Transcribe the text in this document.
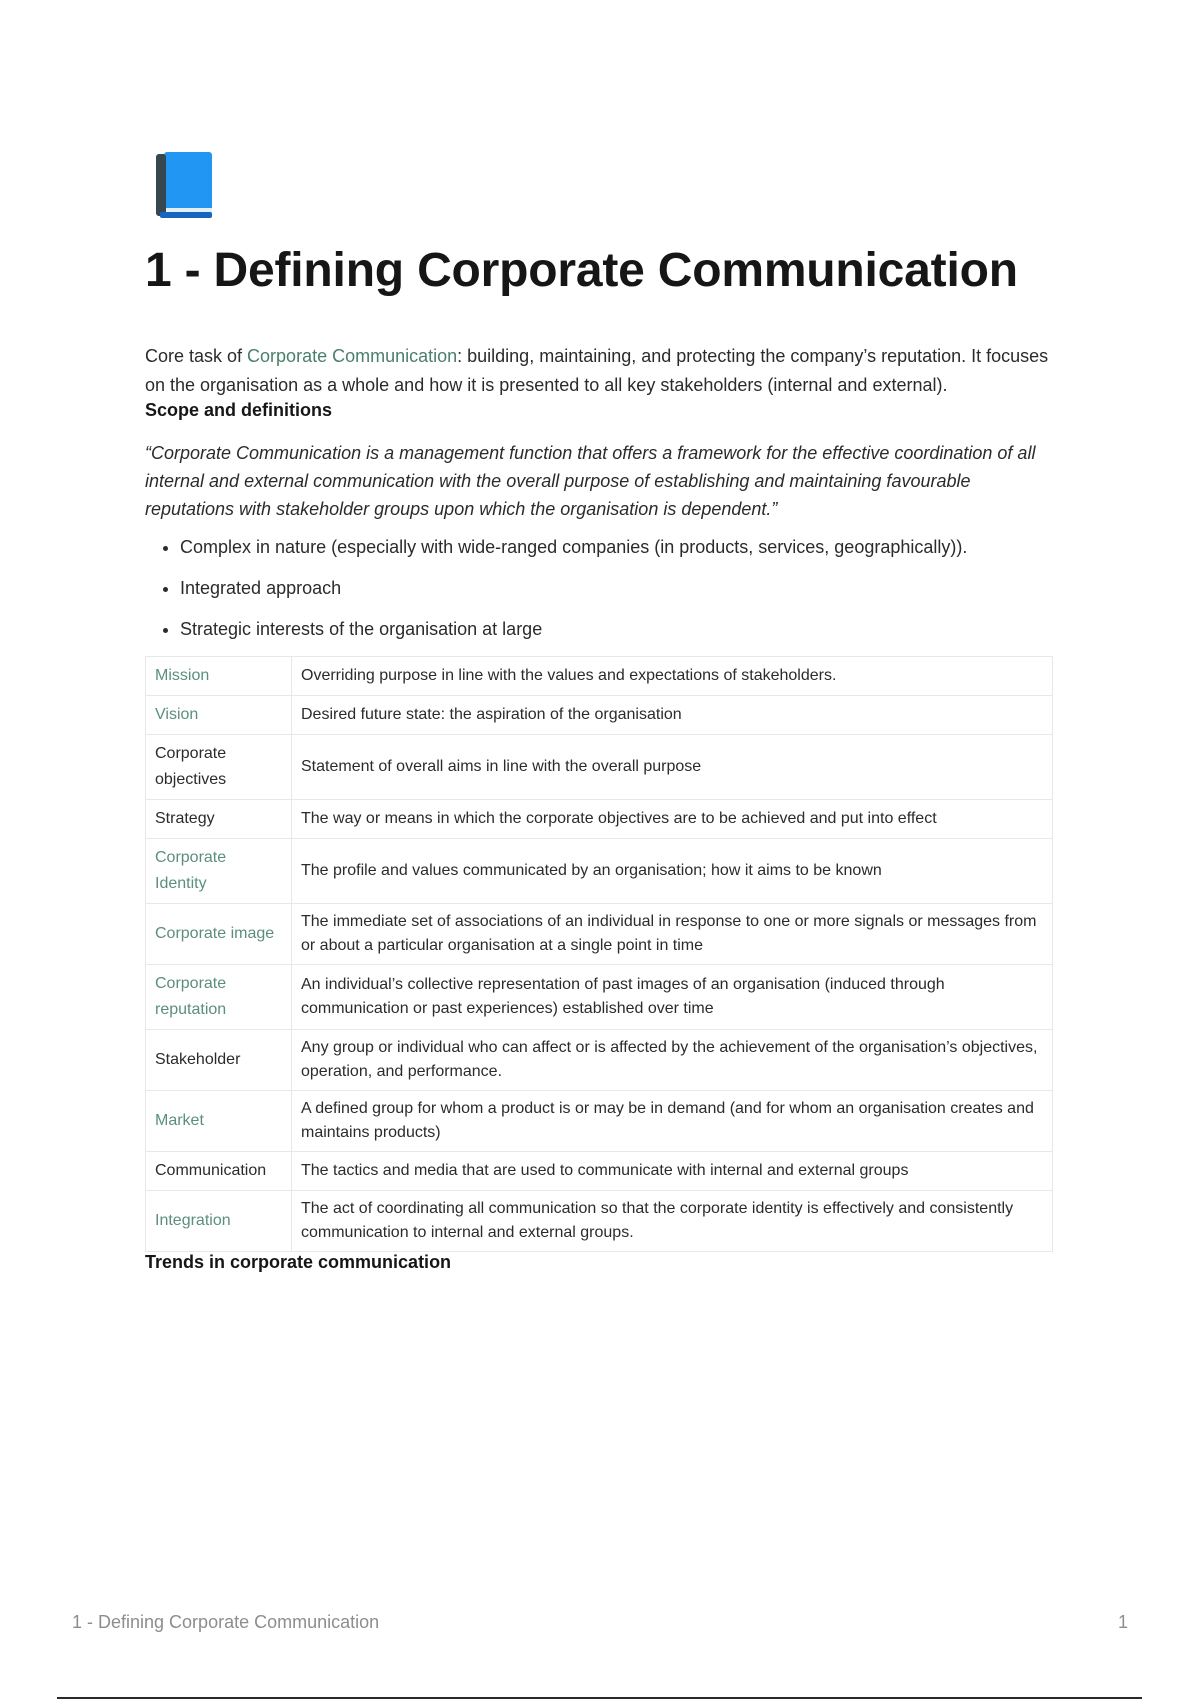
1 - Defining Corporate Communication

Core task of Corporate Communication: building, maintaining, and protecting the company’s reputation. It focuses on the organisation as a whole and how it is presented to all key stakeholders (internal and external).

Scope and definitions

“Corporate Communication is a management function that offers a framework for the effective coordination of all internal and external communication with the overall purpose of establishing and maintaining favourable reputations with stakeholder groups upon which the organisation is dependent.”

• Complex in nature (especially with wide-ranged companies (in products, services, geographically)).
• Integrated approach
• Strategic interests of the organisation at large
Mission	Overriding purpose in line with the values and expectations of stakeholders.
Vision	Desired future state: the aspiration of the organisation
Corporate objectives	Statement of overall aims in line with the overall purpose
Strategy	The way or means in which the corporate objectives are to be achieved and put into effect
Corporate Identity	The profile and values communicated by an organisation; how it aims to be known
Corporate image	The immediate set of associations of an individual in response to one or more signals or messages from or about a particular organisation at a single point in time
Corporate reputation	An individual’s collective representation of past images of an organisation (induced through communication or past experiences) established over time
Stakeholder	Any group or individual who can affect or is affected by the achievement of the organisation’s objectives, operation, and performance.
Market	A defined group for whom a product is or may be in demand (and for whom an organisation creates and maintains products)
Communication	The tactics and media that are used to communicate with internal and external groups
Integration	The act of coordinating all communication so that the corporate identity is effectively and consistently communication to internal and external groups.
Trends in corporate communication
1 - Defining Corporate Communication	1
